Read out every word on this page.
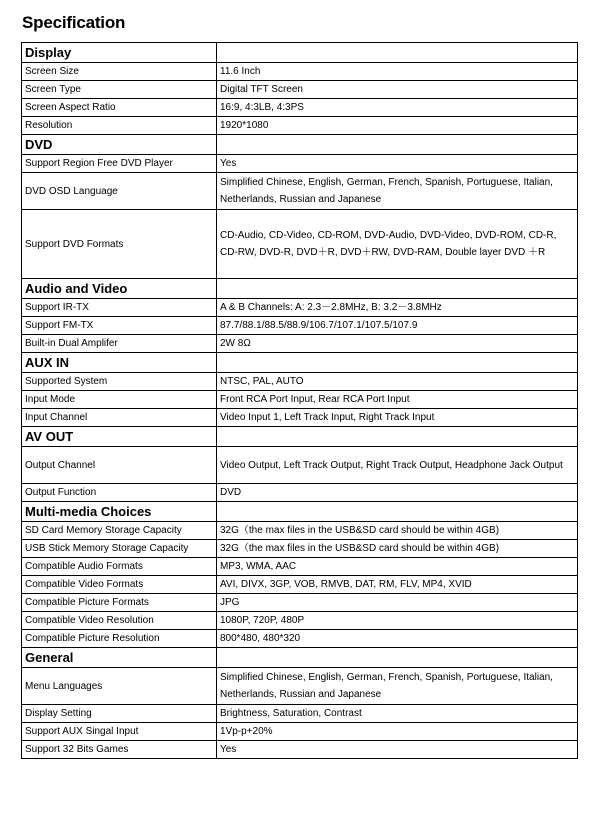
Specification
Display	
Screen Size	11.6 Inch
Screen Type	Digital TFT Screen
Screen Aspect Ratio	16:9, 4:3LB, 4:3PS
Resolution	1920*1080
DVD	
Support Region Free DVD Player	Yes
DVD OSD Language	Simplified Chinese, English, German, French, Spanish, Portuguese, Italian, Netherlands, Russian and Japanese
Support DVD Formats	CD-Audio, CD-Video, CD-ROM, DVD-Audio, DVD-Video, DVD-ROM, CD-R, CD-RW, DVD-R, DVD＋R, DVD＋RW, DVD-RAM, Double layer DVD ＋R
Audio and Video	
Support IR-TX	A & B Channels: A: 2.3－2.8MHz, B: 3.2－3.8MHz
Support FM-TX	87.7/88.1/88.5/88.9/106.7/107.1/107.5/107.9
Built-in Dual Amplifer	2W 8Ω
AUX IN	
Supported System	NTSC, PAL, AUTO
Input Mode	Front RCA Port Input, Rear RCA Port Input
Input Channel	Video Input 1, Left Track Input, Right Track Input
AV OUT	
Output Channel	Video Output, Left Track Output, Right Track Output, Headphone Jack Output
Output Function	DVD
Multi-media Choices	
SD Card Memory Storage Capacity	32G（the max files in the USB&SD card should be within 4GB)
USB Stick Memory Storage Capacity	32G（the max files in the USB&SD card should be within 4GB)
Compatible Audio Formats	MP3, WMA, AAC
Compatible Video Formats	AVI, DIVX, 3GP, VOB, RMVB, DAT, RM, FLV, MP4, XVID
Compatible Picture Formats	JPG
Compatible Video Resolution	1080P, 720P, 480P
Compatible Picture Resolution	800*480, 480*320
General	
Menu Languages	Simplified Chinese, English, German, French, Spanish, Portuguese, Italian, Netherlands, Russian and Japanese
Display Setting	Brightness, Saturation, Contrast
Support AUX Singal Input	1Vp-p+20%
Support 32 Bits Games	Yes
